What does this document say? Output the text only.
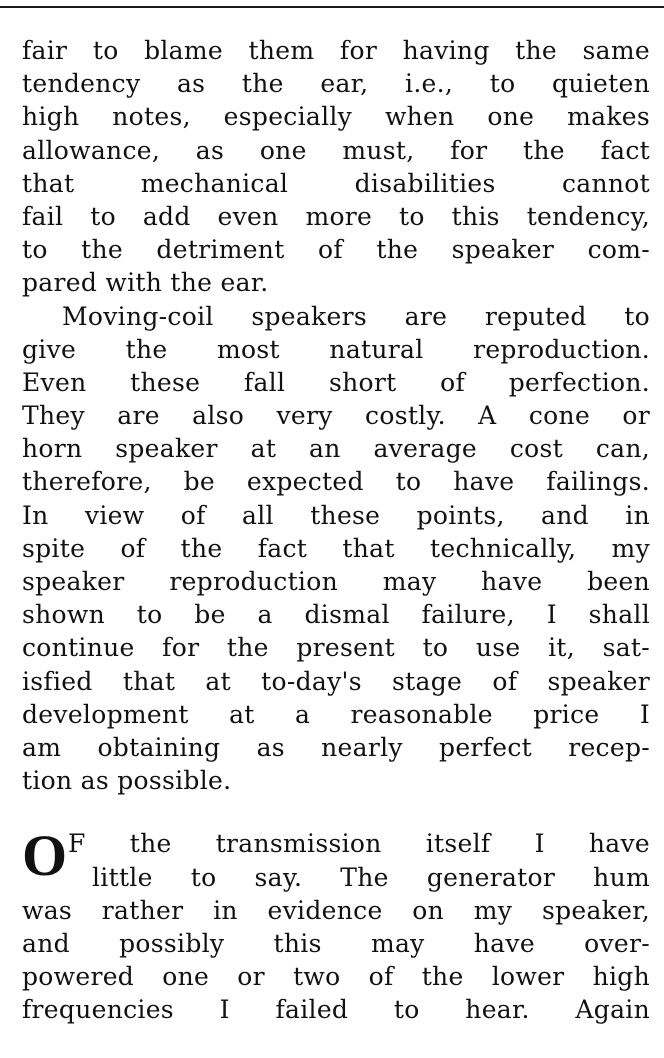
fair to blame them for having the same
tendency as the ear, i.e., to quieten
high notes, especially when one makes
allowance, as one must, for the fact
that mechanical disabilities cannot
fail to add even more to this tendency,
to the detriment of the speaker com-
pared with the ear.
Moving-coil speakers are reputed to
give the most natural reproduction.
Even these fall short of perfection.
They are also very costly. A cone or
horn speaker at an average cost can,
therefore, be expected to have failings.
In view of all these points, and in
spite of the fact that technically, my
speaker reproduction may have been
shown to be a dismal failure, I shall
continue for the present to use it, sat-
isfied that at to-day's stage of speaker
development at a reasonable price I
am obtaining as nearly perfect recep-
tion as possible.
O F the transmission itself I have
little to say. The generator hum
was rather in evidence on my speaker,
and possibly this may have over-
powered one or two of the lower high
frequencies I failed to hear. Again
